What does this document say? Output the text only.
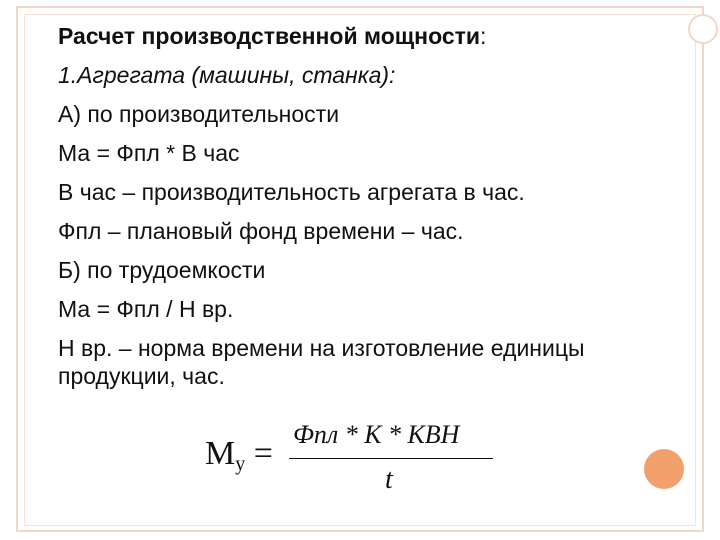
Расчет производственной мощности:
1.Агрегата (машины, станка):
А) по производительности
Ма = Фпл * В час
В час – производительность агрегата в час.
Фпл – плановый фонд времени – час.
Б) по трудоемкости
Ма = Фпл / Н вр.
Н вр. – норма времени на изготовление единицы продукции, час.
$М_у$ =
Фпл * К * КВН
t
